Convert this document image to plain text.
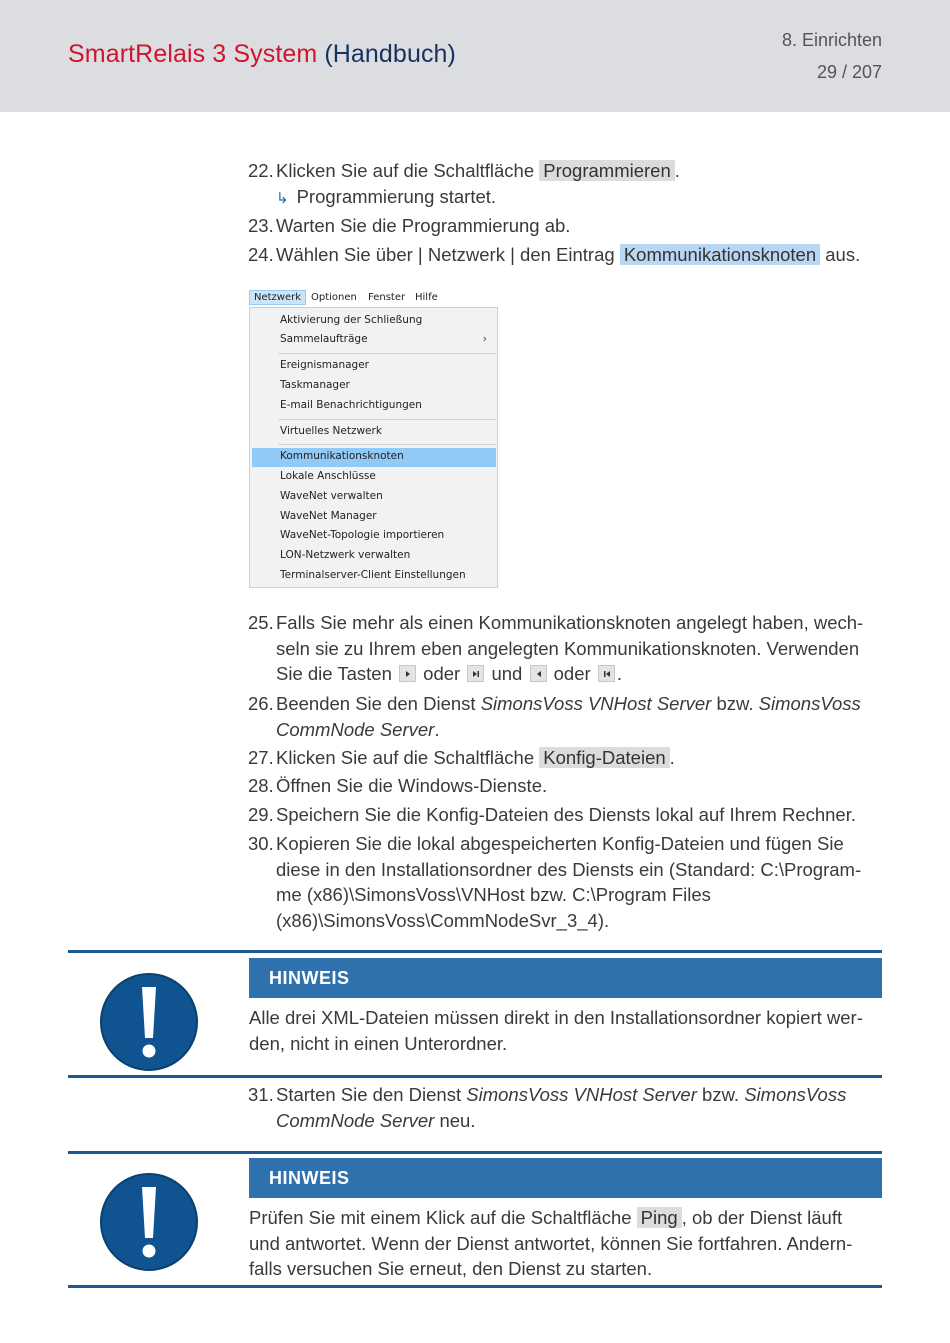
SmartRelais 3 System (Handbuch)	8. Einrichten
29 / 207
22. Klicken Sie auf die Schaltfläche Programmieren .
↳ Programmierung startet.
23. Warten Sie die Programmierung ab.
24. Wählen Sie über | Netzwerk | den Eintrag Kommunikationsknoten aus.
Netzwerk Optionen Fenster Hilfe
Aktivierung der Schließung
Sammelaufträge	›
Ereignismanager
Taskmanager
E-mail Benachrichtigungen
Virtuelles Netzwerk
Kommunikationsknoten
Lokale Anschlüsse
WaveNet verwalten
WaveNet Manager
WaveNet-Topologie importieren
LON-Netzwerk verwalten
Terminalserver-Client Einstellungen
25. Falls Sie mehr als einen Kommunikationsknoten angelegt haben, wech-
seln sie zu Ihrem eben angelegten Kommunikationsknoten. Verwenden
Sie die Tasten
oder
und
oder
.
26. Beenden Sie den Dienst SimonsVoss VNHost Server bzw. SimonsVoss
CommNode Server.
27. Klicken Sie auf die Schaltfläche Konfig-Dateien .
28. Öffnen Sie die Windows-Dienste.
29. Speichern Sie die Konfig-Dateien des Diensts lokal auf Ihrem Rechner.
30. Kopieren Sie die lokal abgespeicherten Konfig-Dateien und fügen Sie
diese in den Installationsordner des Diensts ein (Standard: C:\Program-
me (x86)\SimonsVoss\VNHost bzw. C:\Program Files
(x86)\SimonsVoss\CommNodeSvr_3_4).
HINWEIS
Alle drei XML-Dateien müssen direkt in den Installationsordner kopiert wer-
den, nicht in einen Unterordner.
31. Starten Sie den Dienst SimonsVoss VNHost Server bzw. SimonsVoss
CommNode Server neu.
HINWEIS
Prüfen Sie mit einem Klick auf die Schaltfläche Ping , ob der Dienst läuft
und antwortet. Wenn der Dienst antwortet, können Sie fortfahren. Andern-
falls versuchen Sie erneut, den Dienst zu starten.
